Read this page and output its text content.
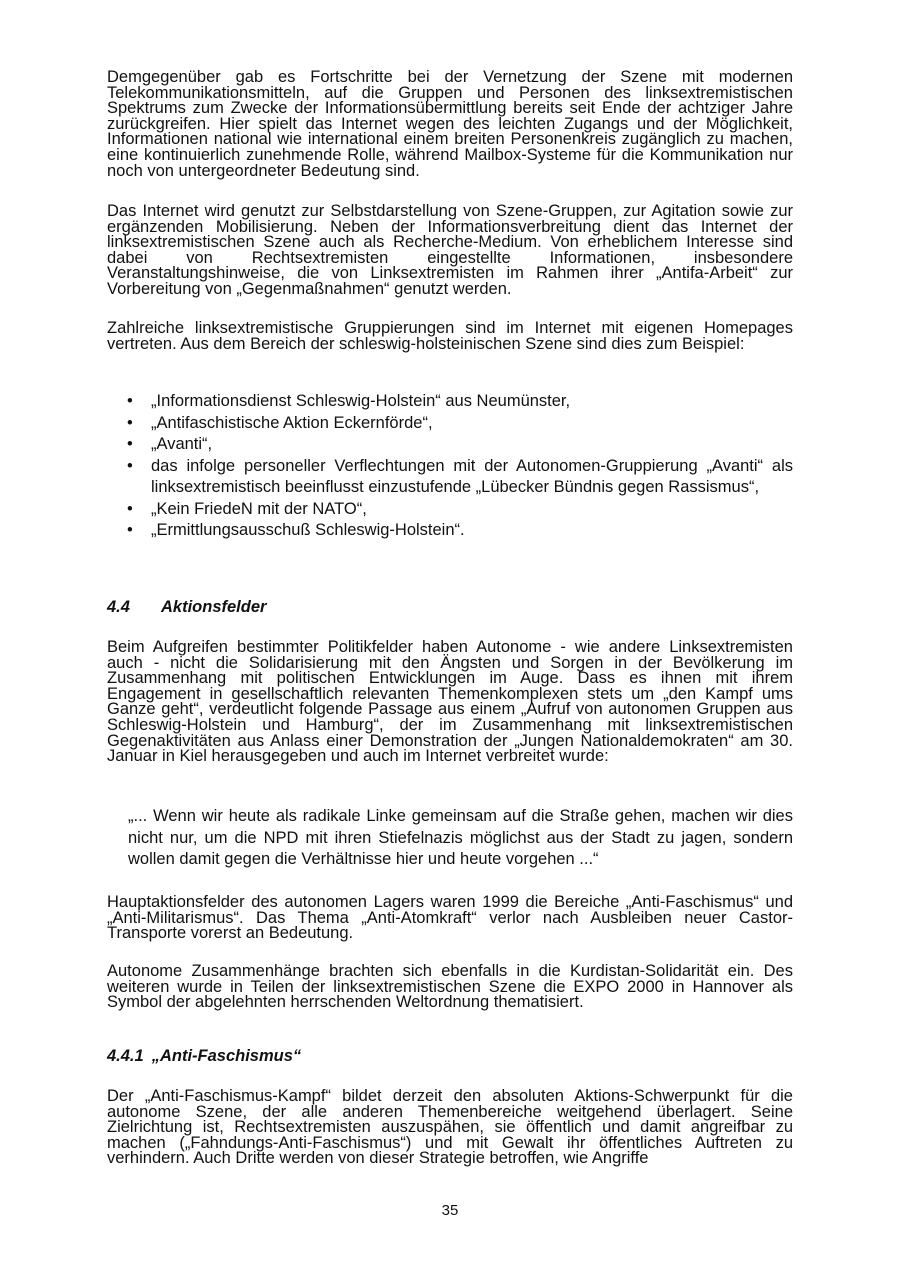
Demgegenüber gab es Fortschritte bei der Vernetzung der Szene mit modernen Telekommunikationsmitteln, auf die Gruppen und Personen des linksextremistischen Spektrums zum Zwecke der Informationsübermittlung bereits seit Ende der achtziger Jahre zurückgreifen. Hier spielt das Internet wegen des leichten Zugangs und der Möglichkeit, Informationen national wie international einem breiten Personenkreis zugänglich zu machen, eine kontinuierlich zunehmende Rolle, während Mailbox-Systeme für die Kommunikation nur noch von untergeordneter Bedeutung sind.

Das Internet wird genutzt zur Selbstdarstellung von Szene-Gruppen, zur Agitation sowie zur ergänzenden Mobilisierung. Neben der Informationsverbreitung dient das Internet der linksextremistischen Szene auch als Recherche-Medium. Von erheblichem Interesse sind dabei von Rechtsextremisten eingestellte Informationen, insbesondere Veranstaltungshinweise, die von Linksextremisten im Rahmen ihrer „Antifa-Arbeit“ zur Vorbereitung von „Gegenmaßnahmen“ genutzt werden.

Zahlreiche linksextremistische Gruppierungen sind im Internet mit eigenen Homepages vertreten. Aus dem Bereich der schleswig-holsteinischen Szene sind dies zum Beispiel:

• „Informationsdienst Schleswig-Holstein“ aus Neumünster,
• „Antifaschistische Aktion Eckernförde“,
• „Avanti“,
• das infolge personeller Verflechtungen mit der Autonomen-Gruppierung „Avanti“ als linksextremistisch beeinflusst einzustufende „Lübecker Bündnis gegen Rassismus“,
• „Kein FriedeN mit der NATO“,
• „Ermittlungsausschuß Schleswig-Holstein“.
4.4 Aktionsfelder

Beim Aufgreifen bestimmter Politikfelder haben Autonome - wie andere Linksextremisten auch - nicht die Solidarisierung mit den Ängsten und Sorgen in der Bevölkerung im Zusammenhang mit politischen Entwicklungen im Auge. Dass es ihnen mit ihrem Engagement in gesellschaftlich relevanten Themenkomplexen stets um „den Kampf ums Ganze geht“, verdeutlicht folgende Passage aus einem „Aufruf von autonomen Gruppen aus Schleswig-Holstein und Hamburg“, der im Zusammenhang mit linksextremistischen Gegenaktivitäten aus Anlass einer Demonstration der „Jungen Nationaldemokraten“ am 30. Januar in Kiel herausgegeben und auch im Internet verbreitet wurde:

„... Wenn wir heute als radikale Linke gemeinsam auf die Straße gehen, machen wir dies nicht nur, um die NPD mit ihren Stiefelnazis möglichst aus der Stadt zu jagen, sondern wollen damit gegen die Verhältnisse hier und heute vorgehen ...“

Hauptaktionsfelder des autonomen Lagers waren 1999 die Bereiche „Anti-Faschismus“ und „Anti-Militarismus“. Das Thema „Anti-Atomkraft“ verlor nach Ausbleiben neuer Castor-Transporte vorerst an Bedeutung.

Autonome Zusammenhänge brachten sich ebenfalls in die Kurdistan-Solidarität ein. Des weiteren wurde in Teilen der linksextremistischen Szene die EXPO 2000 in Hannover als Symbol der abgelehnten herrschenden Weltordnung thematisiert.

4.4.1 „Anti-Faschismus“

Der „Anti-Faschismus-Kampf“ bildet derzeit den absoluten Aktions-Schwerpunkt für die autonome Szene, der alle anderen Themenbereiche weitgehend überlagert. Seine Zielrichtung ist, Rechtsextremisten auszuspähen, sie öffentlich und damit angreifbar zu machen („Fahndungs-Anti-Faschismus“) und mit Gewalt ihr öffentliches Auftreten zu verhindern. Auch Dritte werden von dieser Strategie betroffen, wie Angriffe

35
